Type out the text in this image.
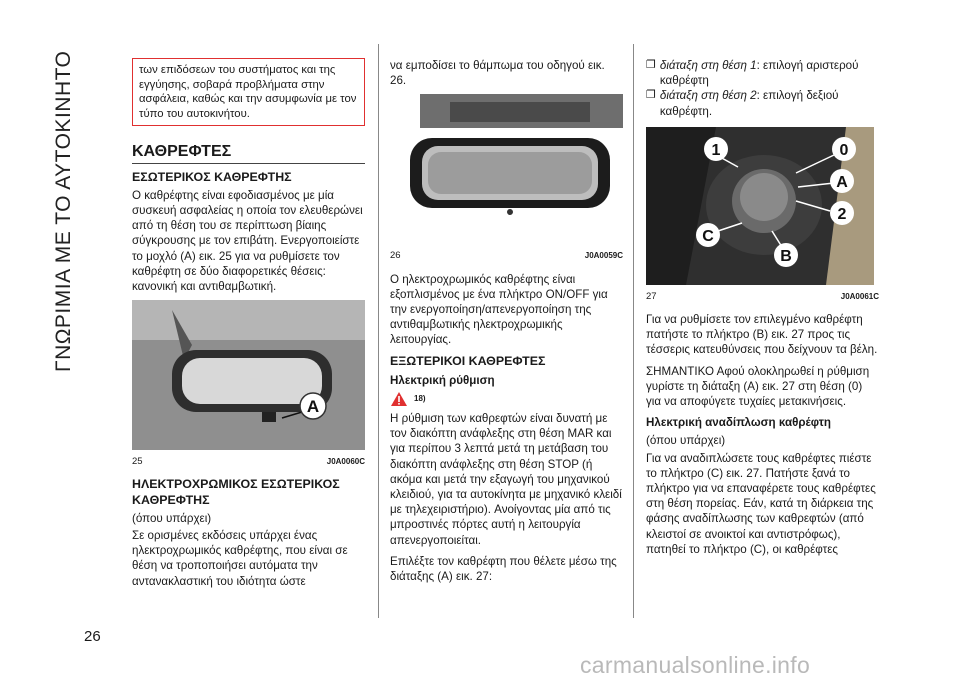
ΓΝΩΡΙΜΙΑ ΜΕ ΤΟ ΑΥΤΟΚΙΝΗΤΟ
26
των επιδόσεων του συστήματος και της εγγύησης, σοβαρά προβλήματα στην ασφάλεια, καθώς και την ασυμφωνία με τον τύπο του αυτοκινήτου.
ΚΑΘΡΕΦΤΕΣ
ΕΣΩΤΕΡΙΚΟΣ ΚΑΘΡΕΦΤΗΣ

Ο καθρέφτης είναι εφοδιασμένος με μία συσκευή ασφαλείας η οποία τον ελευθερώνει από τη θέση του σε περίπτωση βίαιης σύγκρουσης με τον επιβάτη. Ενεργοποιείστε το μοχλό (A) εικ. 25 για να ρυθμίσετε τον καθρέφτη σε δύο διαφορετικές θέσεις: κανονική και αντιθαμβωτική.

A
25	J0A0060C
ΗΛΕΚΤΡΟΧΡΩΜΙΚΟΣ ΕΣΩΤΕΡΙΚΟΣ ΚΑΘΡΕΦΤΗΣ

(όπου υπάρχει)

Σε ορισμένες εκδόσεις υπάρχει ένας ηλεκτροχρωμικός καθρέφτης, που είναι σε θέση να τροποποιήσει αυτόματα την αντανακλαστική του ιδιότητα ώστε

να εμποδίσει το θάμπωμα του οδηγού εικ. 26.

26	J0A0059C

Ο ηλεκτροχρωμικός καθρέφτης είναι εξοπλισμένος με ένα πλήκτρο ON/OFF για την ενεργοποίηση/απενεργοποίηση της αντιθαμβωτικής ηλεκτροχρωμικής λειτουργίας.

ΕΞΩΤΕΡΙΚΟΙ ΚΑΘΡΕΦΤΕΣ
Ηλεκτρική ρύθμιση
18)

Η ρύθμιση των καθρεφτών είναι δυνατή με τον διακόπτη ανάφλεξης στη θέση MAR και για περίπου 3 λεπτά μετά τη μετάβαση του διακόπτη ανάφλεξης στη θέση STOP (ή ακόμα και μετά την εξαγωγή του μηχανικού κλειδιού, για τα αυτοκίνητα με μηχανικό κλειδί με τηλεχειριστήριο). Ανοίγοντας μία από τις μπροστινές πόρτες αυτή η λειτουργία απενεργοποιείται.

Επιλέξτε τον καθρέφτη που θέλετε μέσω της διάταξης (A) εικ. 27:

❐ διάταξη στη θέση 1: επιλογή αριστερού καθρέφτη
❐ διάταξη στη θέση 2: επιλογή δεξιού καθρέφτη.
1	0
A
2
C
B
27	J0A0061C

Για να ρυθμίσετε τον επιλεγμένο καθρέφτη πατήστε το πλήκτρο (B) εικ. 27 προς τις τέσσερις κατευθύνσεις που δείχνουν τα βέλη.

ΣΗΜΑΝΤΙΚΟ Αφού ολοκληρωθεί η ρύθμιση γυρίστε τη διάταξη (A) εικ. 27 στη θέση (0) για να αποφύγετε τυχαίες μετακινήσεις.

Ηλεκτρική αναδίπλωση καθρέφτη

(όπου υπάρχει)

Για να αναδιπλώσετε τους καθρέφτες πιέστε το πλήκτρο (C) εικ. 27. Πατήστε ξανά το πλήκτρο για να επαναφέρετε τους καθρέφτες στη θέση πορείας. Εάν, κατά τη διάρκεια της φάσης αναδίπλωσης των καθρεφτών (από κλειστοί σε ανοικτοί και αντιστρόφως), πατηθεί το πλήκτρο (C), οι καθρέφτες

carmanualsonline.info
